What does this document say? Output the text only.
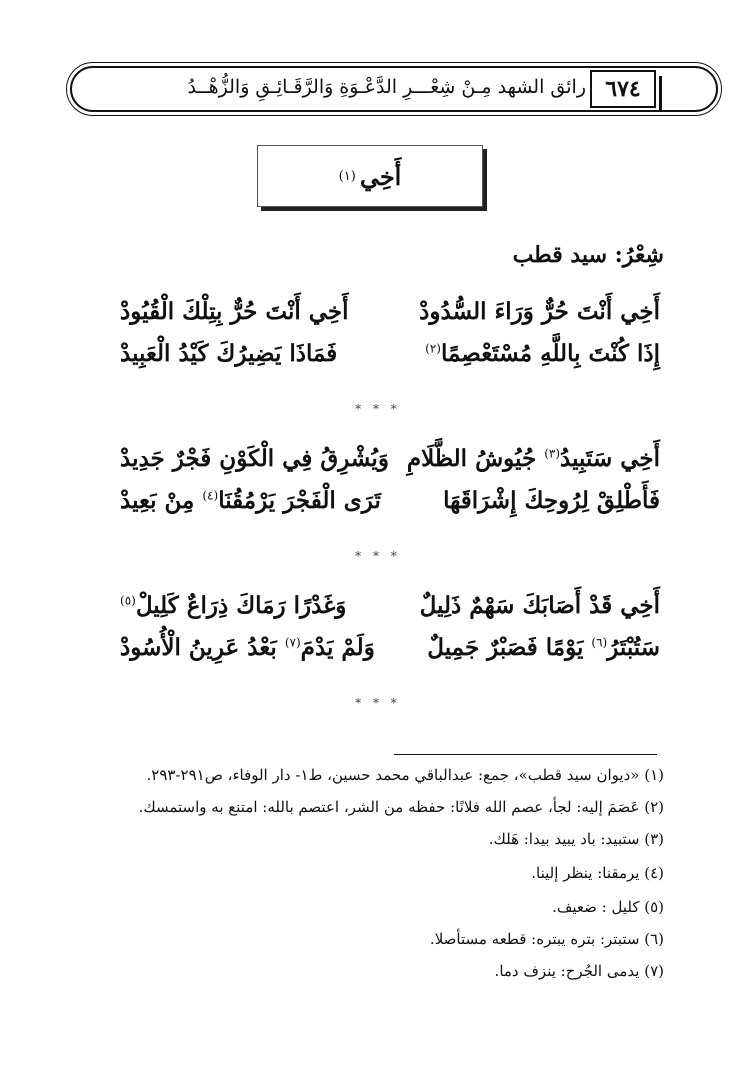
رائق الشهد مِـنْ شِعْـــرِ الدَّعْـوَةِ وَالرَّقَـائِـقِ وَالزُّهْــدُ ٦٧٤
أَخِي
(١)
شِعْرُ: سيد قطب
أَخِي أَنْتَ حُرٌّ وَرَاءَ السُّدُودْ
أَخِي أَنْتَ حُرٌّ بِتِلْكَ الْقُيُودْ
إِذَا كُنْتَ بِاللَّهِ مُسْتَعْصِمًا$^{(٢)}$
فَمَاذَا يَضِيرُكَ كَيْدُ الْعَبِيدْ
* * *
أَخِي سَتَبِيدُ$^{(٣)}$ جُيُوشُ الظَّلَامِ
وَيُشْرِقُ فِي الْكَوْنِ فَجْرٌ جَدِيدْ
فَأَطْلِقْ لِرُوحِكَ إِشْرَاقَهَا
تَرَى الْفَجْرَ يَرْمُقُنَا$^{(٤)}$ مِنْ بَعِيدْ
* * *
أَخِي قَدْ أَصَابَكَ سَهْمٌ ذَلِيلٌ
وَغَدْرًا رَمَاكَ ذِرَاعٌ كَلِيلْ$^{(٥)}$
سَتُبْتَرُ$^{(٦)}$ يَوْمًا فَصَبْرٌ جَمِيلٌ
وَلَمْ يَدْمَ$^{(٧)}$ بَعْدُ عَرِينُ الْأُسُودْ
* * *
(١) «ديوان سيد قطب»، جمع: عبدالباقي محمد حسين، ط١- دار الوفاء، ص٢٩١-٢٩٣.
(٢) عَصَمَ إليه: لجأ، عصم الله فلانًا: حفظه من الشر، اعتصم بالله: امتنع به واستمسك.
(٣) ستبيد: باد يبيد بيدا: هَلك.
(٤) يرمقنا: ينظر إلينا.
(٥) كليل : ضعيف.
(٦) ستبتر: بتره يبتره: قطعه مستأصلا.
(٧) يدمى الجُرح: ينزف دما.
